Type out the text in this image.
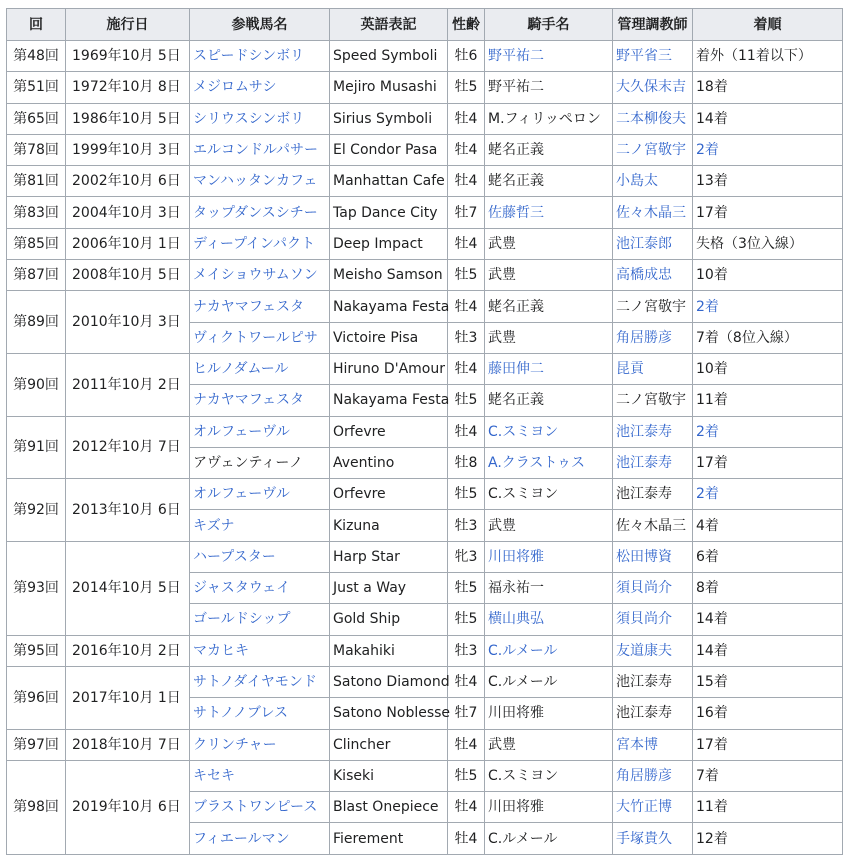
回	施行日	参戦馬名	英語表記	性齢	騎手名	管理調教師	着順
第48回	1969年10月 5日	スピードシンボリ	Speed Symboli	牡6	野平祐二	野平省三	着外（11着以下）
第51回	1972年10月 8日	メジロムサシ	Mejiro Musashi	牡5	野平祐二	大久保末吉	18着
第65回	1986年10月 5日	シリウスシンボリ	Sirius Symboli	牡4	M.フィリッペロン	二本柳俊夫	14着
第78回	1999年10月 3日	エルコンドルパサー	El Condor Pasa	牡4	蛯名正義	二ノ宮敬宇	2着
第81回	2002年10月 6日	マンハッタンカフェ	Manhattan Cafe	牡4	蛯名正義	小島太	13着
第83回	2004年10月 3日	タップダンスシチー	Tap Dance City	牡7	佐藤哲三	佐々木晶三	17着
第85回	2006年10月 1日	ディープインパクト	Deep Impact	牡4	武豊	池江泰郎	失格（3位入線）
第87回	2008年10月 5日	メイショウサムソン	Meisho Samson	牡5	武豊	高橋成忠	10着
第89回	2010年10月 3日	ナカヤマフェスタ	Nakayama Festa	牡4	蛯名正義	二ノ宮敬宇	2着
		ヴィクトワールピサ	Victoire Pisa	牡3	武豊	角居勝彦	7着（8位入線）
第90回	2011年10月 2日	ヒルノダムール	Hiruno D'Amour	牡4	藤田伸二	昆貢	10着
		ナカヤマフェスタ	Nakayama Festa	牡5	蛯名正義	二ノ宮敬宇	11着
第91回	2012年10月 7日	オルフェーヴル	Orfevre	牡4	C.スミヨン	池江泰寿	2着
		アヴェンティーノ	Aventino	牡8	A.クラストゥス	池江泰寿	17着
第92回	2013年10月 6日	オルフェーヴル	Orfevre	牡5	C.スミヨン	池江泰寿	2着
		キズナ	Kizuna	牡3	武豊	佐々木晶三	4着
第93回	2014年10月 5日	ハープスター	Harp Star	牝3	川田将雅	松田博資	6着
		ジャスタウェイ	Just a Way	牡5	福永祐一	須貝尚介	8着
		ゴールドシップ	Gold Ship	牡5	横山典弘	須貝尚介	14着
第95回	2016年10月 2日	マカヒキ	Makahiki	牡3	C.ルメール	友道康夫	14着
第96回	2017年10月 1日	サトノダイヤモンド	Satono Diamond	牡4	C.ルメール	池江泰寿	15着
		サトノノブレス	Satono Noblesse	牡7	川田将雅	池江泰寿	16着
第97回	2018年10月 7日	クリンチャー	Clincher	牡4	武豊	宮本博	17着
第98回	2019年10月 6日	キセキ	Kiseki	牡5	C.スミヨン	角居勝彦	7着
		ブラストワンピース	Blast Onepiece	牡4	川田将雅	大竹正博	11着
		フィエールマン	Fierement	牡4	C.ルメール	手塚貴久	12着
